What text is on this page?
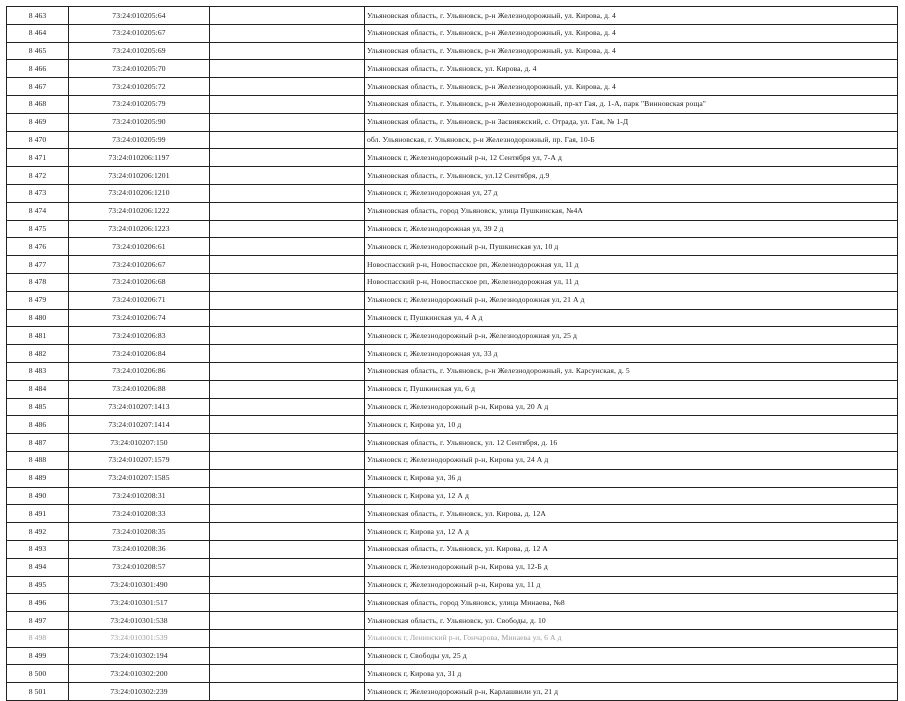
8 463	73:24:010205:64		Ульяновская область, г. Ульяновск, р-н Железнодорожный, ул. Кирова, д. 4
8 464	73:24:010205:67		Ульяновская область, г. Ульяновск, р-н Железнодорожный, ул. Кирова, д. 4
8 465	73:24:010205:69		Ульяновская область, г. Ульяновск, р-н Железнодорожный, ул. Кирова, д. 4
8 466	73:24:010205:70		Ульяновская область, г. Ульяновск, ул. Кирова, д. 4
8 467	73:24:010205:72		Ульяновская область, г. Ульяновск, р-н Железнодорожный, ул. Кирова, д. 4
8 468	73:24:010205:79		Ульяновская область, г. Ульяновск, р-н Железнодорожный, пр-кт Гая, д. 1-А, парк "Винновская роща"
8 469	73:24:010205:90		Ульяновская область, г. Ульяновск, р-н Засвияжский, с. Отрада, ул. Гая, № 1-Д
8 470	73:24:010205:99		обл. Ульяновская, г. Ульяновск, р-н Железнодорожный, пр. Гая, 10-Б
8 471	73:24:010206:1197		Ульяновск г, Железнодорожный р-н, 12 Сентября ул, 7-А д
8 472	73:24:010206:1201		Ульяновская область, г. Ульяновск, ул.12 Сентября, д.9
8 473	73:24:010206:1210		Ульяновск г, Железнодорожная ул, 27 д
8 474	73:24:010206:1222		Ульяновская область, город Ульяновск, улица Пушкинская, №4А
8 475	73:24:010206:1223		Ульяновск г, Железнодорожная ул, 39 2 д
8 476	73:24:010206:61		Ульяновск г, Железнодорожный р-н, Пушкинская ул, 10 д
8 477	73:24:010206:67		Новоспасский р-н, Новоспасское рп, Железнодорожная ул, 11 д
8 478	73:24:010206:68		Новоспасский р-н, Новоспасское рп, Железнодорожная ул, 11 д
8 479	73:24:010206:71		Ульяновск г, Железнодорожный р-н, Железнодорожная ул, 21 А д
8 480	73:24:010206:74		Ульяновск г, Пушкинская ул, 4 А д
8 481	73:24:010206:83		Ульяновск г, Железнодорожный р-н, Железнодорожная ул, 25 д
8 482	73:24:010206:84		Ульяновск г, Железнодорожная ул, 33 д
8 483	73:24:010206:86		Ульяновская область, г. Ульяновск, р-н Железнодорожный, ул. Карсунская, д. 5
8 484	73:24:010206:88		Ульяновск г, Пушкинская ул, 6 д
8 485	73:24:010207:1413		Ульяновск г, Железнодорожный р-н, Кирова ул, 20 А д
8 486	73:24:010207:1414		Ульяновск г, Кирова ул, 10 д
8 487	73:24:010207:150		Ульяновская область, г. Ульяновск, ул. 12 Сентября, д. 16
8 488	73:24:010207:1579		Ульяновск г, Железнодорожный р-н, Кирова ул, 24 А д
8 489	73:24:010207:1585		Ульяновск г, Кирова ул, 36 д
8 490	73:24:010208:31		Ульяновск г, Кирова ул, 12 А д
8 491	73:24:010208:33		Ульяновская область, г. Ульяновск, ул. Кирова, д. 12А
8 492	73:24:010208:35		Ульяновск г, Кирова ул, 12 А д
8 493	73:24:010208:36		Ульяновская область, г. Ульяновск, ул. Кирова, д. 12 А
8 494	73:24:010208:57		Ульяновск г, Железнодорожный р-н, Кирова ул, 12-Б д
8 495	73:24:010301:490		Ульяновск г, Железнодорожный р-н, Кирова ул, 11 д
8 496	73:24:010301:517		Ульяновская область, город Ульяновск, улица Минаева, №8
8 497	73:24:010301:538		Ульяновская область, г. Ульяновск, ул. Свободы, д. 10
8 498	73:24:010301:539		Ульяновск г, Ленинский р-н, Гончарова, Минаева ул, 6 А д
8 499	73:24:010302:194		Ульяновск г, Свободы ул, 25 д
8 500	73:24:010302:200		Ульяновск г, Кирова ул, 31 д
8 501	73:24:010302:239		Ульяновск г, Железнодорожный р-н, Карлашвили ул, 21 д
